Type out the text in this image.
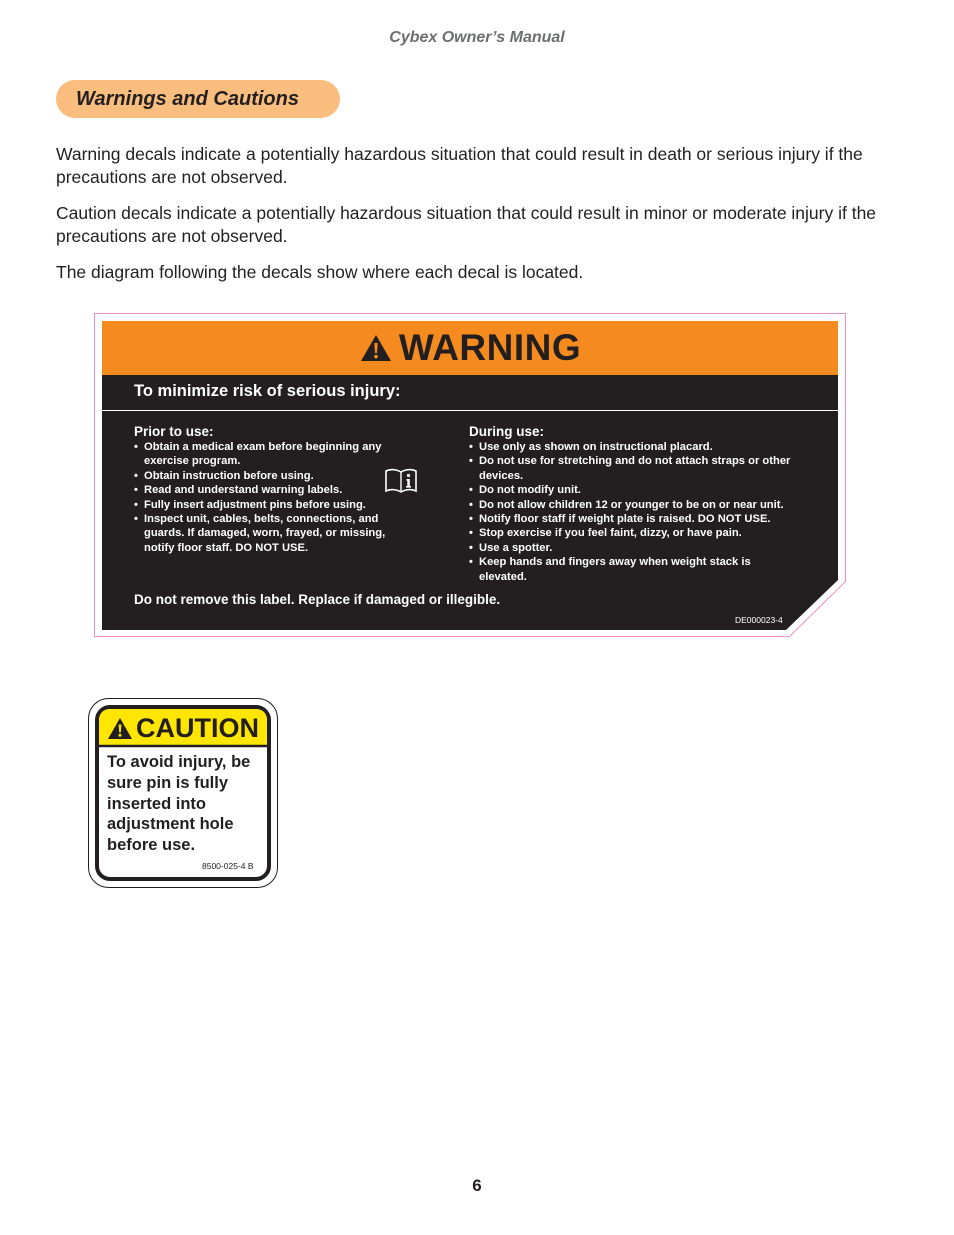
Cybex Owner’s Manual
Warnings and Cautions

Warning decals indicate a potentially hazardous situation that could result in death or serious injury if the precautions are not observed.

Caution decals indicate a potentially hazardous situation that could result in minor or moderate injury if the precautions are not observed.

The diagram following the decals show where each decal is located.

WARNING
To minimize risk of serious injury:
Prior to use:
• Obtain a medical exam before beginning any exercise program.
• Obtain instruction before using.
• Read and understand warning labels.
• Fully insert adjustment pins before using.
• Inspect unit, cables, belts, connections, and guards. If damaged, worn, frayed, or missing, notify floor staff. DO NOT USE.
During use:
• Use only as shown on instructional placard.
• Do not use for stretching and do not attach straps or other devices.
• Do not modify unit.
• Do not allow children 12 or younger to be on or near unit.
• Notify floor staff if weight plate is raised. DO NOT USE.
• Stop exercise if you feel faint, dizzy, or have pain.
• Use a spotter.
• Keep hands and fingers away when weight stack is elevated.
Do not remove this label. Replace if damaged or illegible.
DE000023-4
CAUTION
To avoid injury, be sure pin is fully inserted into adjustment hole before use.
8500-025-4 B
6
